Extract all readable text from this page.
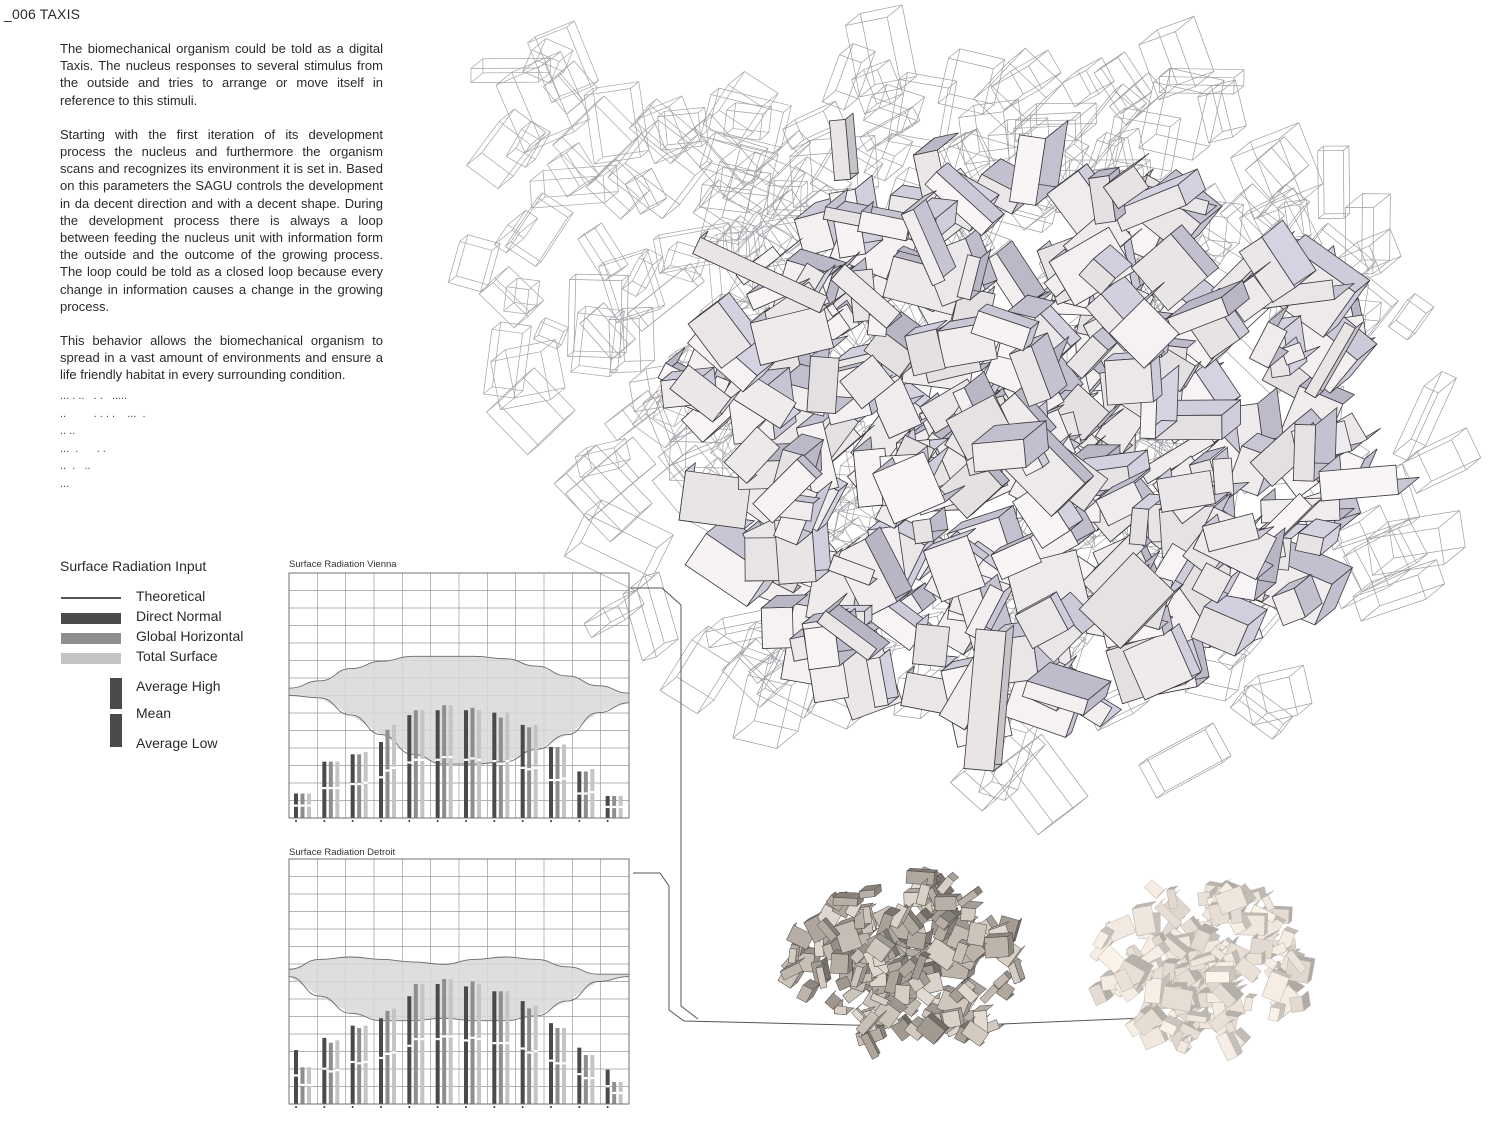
_006 TAXIS

The biomechanical organism could be told as a digital Taxis. The nucleus responses to several stimulus from the outside and tries to arrange or move itself in reference to this stimuli.

Starting with the first iteration of its development process the nucleus and furthermore the organism scans and recognizes its environment it is set in. Based on this parameters the SAGU controls the development in da decent direction and with a decent shape. During the development process there is always a loop between feeding the nucleus unit with information form the outside and the outcome of the growing process. The loop could be told as a closed loop because every change in information causes a change in the growing process.

This behavior allows the biomechanical organism to spread in a vast amount of environments and ensure a life friendly habitat in every surrounding condition.

... . ..   . .   .....
..         . . . .    ...  .
.. ..
...  .      . .
..  .   ..
...
Surface Radiation Input
Theoretical
Direct Normal
Global Horizontal
Total Surface
Average High
Mean
Average Low
Surface Radiation Vienna
Surface Radiation Detroit
